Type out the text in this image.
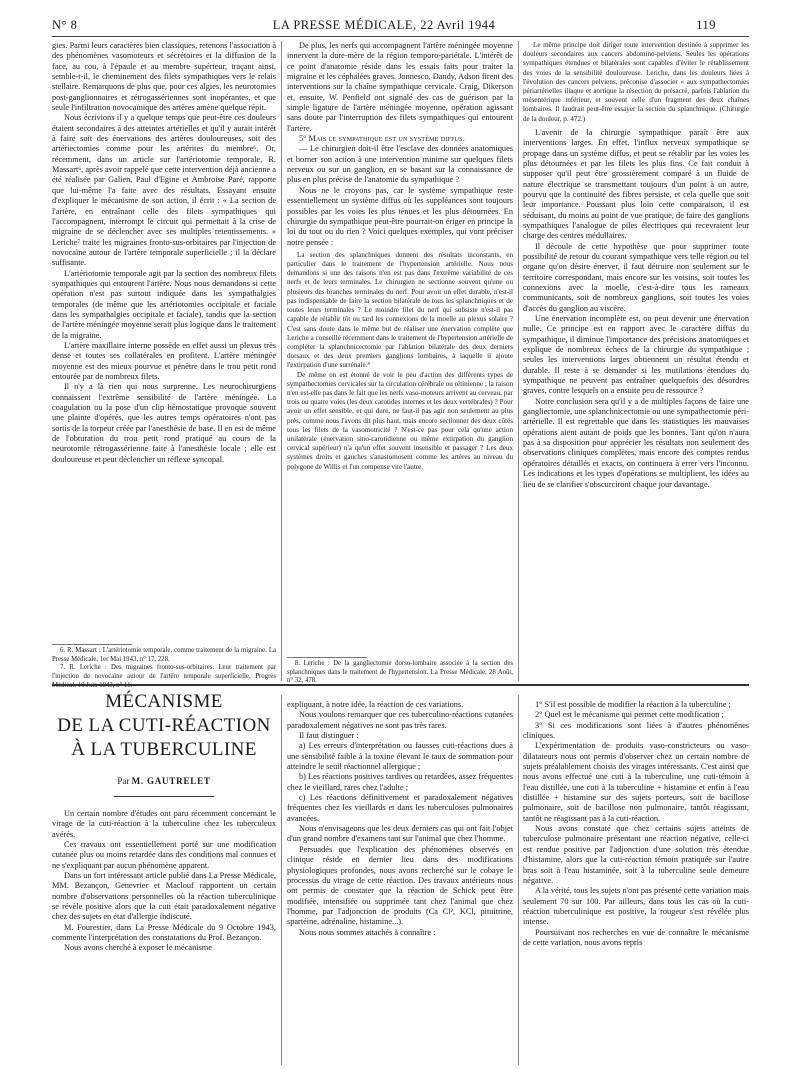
N° 8	LA PRESSE MÉDICALE, 22 Avril 1944	119

gies. Parmi leurs caractères bien classiques, retenons l'association à des phénomènes vasomoteurs et sécrétoires et la diffusion de la face, au cou, à l'épaule et au membre supérieur, traçant ainsi, semble-t-il, le cheminement des filets sympathiques vers le relais stellaire. Remarquons de plus que, pour ces algies, les neurotomies post-ganglionnaires et rétrogassériennes sont inopérantes, et que seule l'infiltration novocaïnique des artères amène quelque répit.

Nous écrivions il y a quelque temps que peut-être ces douleurs étaient secondaires à des atteintes artérielles et qu'il y aurait intérêt à faire soit des énervations des artères douloureuses, soit des artériectomies comme pour les artérites du membre⁶. Or, récemment, dans un article sur l'artériotomie temporale, R. Massart⁶, après avoir rappelé que cette intervention déjà ancienne a été réalisée par Galien, Paul d'Egine et Ambroise Paré, rapporte que lui-même l'a faite avec des résultats. Essayant ensuite d'expliquer le mécanisme de son action, il écrit : « La section de l'artère, en entraînant celle des filets sympathiques qui l'accompagnent, interrompt le circuit qui permettait à la crise de migraine de se déclencher avec ses multiples retentissements. » Leriche⁷ traite les migraines fronto-sus-orbitaires par l'injection de novocaïne autour de l'artère temporale superficielle ; il la déclare suffisante.

L'artériotomie temporale agit par la section des nombreux filets sympathiques qui entourent l'artère. Nous nous demandons si cette opération n'est pas surtout indiquée dans les sympathalgies temporales (de même que les artériotomies occipitale et faciale dans les sympathalgies occipitale et faciale), tandis que la section de l'artère méningée moyenne serait plus logique dans le traitement de la migraine.

L'artère maxillaire interne possède en effet aussi un plexus très dense et toutes ses collatérales en profitent. L'artère méningée moyenne est des mieux pourvue et pénètre dans le trou petit rond entourée par de nombreux filets.

Il n'y a là rien qui nous surprenne. Les neurochirurgiens connaissent l'extrême sensibilité de l'artère méningée. La coagulation ou la pose d'un clip hémostatique provoque souvent une plainte d'opérés, que les autres temps opératoires n'ont pas sortis de la torpeur créée par l'anesthésie de base. Il en est de même de l'obturation du trou petit rond pratiqué au cours de la neurotomie rétrogassérienne faite à l'anesthésie locale ; elle est douloureuse et peut déclencher un réflexe syncopal.

6. R. Massart : L'artériotomie temporale, comme traitement de la migraine. La Presse Médicale, 1er Mai 1943, n° 17, 228.

7. R. Leriche : Des migraines fronto-sus-orbitaires. Leur traitement par l'injection de novocaïne autour de l'artère temporale superficielle. Progrès Médical, 10 Juin 1943, n° 11.

De plus, les nerfs qui accompagnent l'artère méningée moyenne innervent la dure-mère de la région temporo-pariétale. L'intérêt de ce point d'anatomie réside dans les essais faits pour traiter la migraine et les céphalées graves. Jonnesco, Dandy, Adson firent des interventions sur la chaîne sympathique cervicale. Craig, Dikerson et, ensuite, W. Penfield ont signalé des cas de guérison par la simple ligature de l'artère méningée moyenne, opération agissant sans doute par l'interruption des filets sympathiques qui entourent l'artère.

5° Mais le sympathique est un système diffus.

— Le chirurgien doit-il être l'esclave des données anatomiques et borner son action à une intervention minime sur quelques filets nerveux ou sur un ganglion, en se basant sur la connaissance de plus en plus précise de l'anatomie du sympathique ?

Nous ne le croyons pas, car le système sympathique reste essentiellement un système diffus où les suppléances sont toujours possibles par les voies les plus ténues et les plus détournées. En chirurgie du sympathique peut-être pourrait-on ériger en principe la loi du tout ou du rien ? Voici quelques exemples, qui vont préciser notre pensée :

La section des splanchniques donnent des résultats inconstants, en particulier dans le traitement de l'hypertension artérielle. Nous nous demandons si une des raisons n'en est pas dans l'extrême variabilité de ces nerfs et de leurs terminales. Le chirurgien ne sectionne souvent qu'une ou plusieurs des branches terminales du nerf. Pour avoir un effet durable, n'est-il pas indispensable de faire la section bilatérale de tous les splanchniques et de toutes leurs terminales ? Le moindre filet du nerf qui subsiste n'est-il pas capable de rétablir tôt ou tard les connexions de la moelle au plexus solaire ? C'est sans doute dans le même but de réaliser une énervation complète que Leriche a conseillé récemment dans le traitement de l'hypertension artérielle de compléter la splanchnicectomie par l'ablation bilatérale des deux derniers dorsaux et des deux premiers ganglions lombaires, à laquelle il ajoute l'extirpation d'une surrénale.⁸

De même on est étonné de voir le peu d'action des différents types de sympathectomies cervicales sur la circulation cérébrale ou rétinienne ; la raison n'en est-elle pas dans le fait que les nerfs vaso-moteurs arrivent au cerveau, par trois ou quatre voies (les deux carotides internes et les deux vertébrales) ? Pour avoir un effet sensible, et qui dure, ne faut-il pas agir non seulement au plus près, comme nous l'avons dit plus haut, mais encore sectionner des deux côtés tous les filets de la vasomotricité ? N'est-ce pas pour cela qu'une action unilatérale (énervation sino-carotidienne ou même extirpation du ganglion cervical supérieur) n'a qu'un effet souvent insensible et passager ? Les deux systèmes droits et gauches s'anastomosent comme les artères au niveau du polygone de Willis et l'un compense vite l'autre.

8. Leriche : De la gangliectomie dorso-lombaire associée à la section des splanchniques dans le traitement de l'hypertension. La Presse Médicale, 28 Août, n° 32, 478.

Le même principe doit diriger toute intervention destinée à supprimer les douleurs secondaires aux cancers abdomino-pelviens. Seules les opérations sympathiques étendues et bilatérales sont capables d'éviter le rétablissement des voies de la sensibilité douloureuse. Leriche, dans les douleurs liées à l'évolution des cancers pelviens, préconise d'associer « aux sympathectomies périartérielles iliaque et aortique la résection du présacré, parfois l'ablation du mésentérique inférieur, et souvent celle d'un fragment des deux chaînes lombaires. Il faudrait peut-être essayer la section du splanchnique. (Chirurgie de la douleur, p. 472.)

L'avenir de la chirurgie sympathique paraît être aux interventions larges. En effet, l'influx nerveux sympathique se propage dans un système diffus, et peut se rétablir par les voies les plus détournées et par les filets les plus fins. Ce fait conduit à supposer qu'il peut être grossièrement comparé à un fluide de nature électrique se transmettant toujours d'un point à un autre, pourvu que la continuité des fibres persiste, et cela quelle que soit leur importance. Poussant plus loin cette comparaison, il est séduisant, du moins au point de vue pratique, de faire des ganglions sympathiques l'analogue de piles électriques qui recevraient leur charge des centres médullaires.

Il découle de cette hypothèse que pour supprimer toute possibilité de retour du courant sympathique vers telle région ou tel organe qu'on désire énerver, il faut détruire non seulement sur le territoire correspondant, mais encore sur les voisins, soit toutes les connexions avec la moelle, c'est-à-dire tous les rameaux communicants, soit de nombreux ganglions, soit toutes les voies d'accès du ganglion au viscère.

Une énervation incomplète est, ou peut devenir une énervation nulle. Ce principe est en rapport avec le caractère diffus du sympathique, il diminue l'importance des précisions anatomiques et explique de nombreux échecs de la chirurgie du sympathique ; seules les interventions larges obtiennent un résultat étendu et durable. Il reste à se demander si les mutilations étendues du sympathique ne peuvent pas entraîner quelquefois des désordres graves, contre lesquels on a ensuite peu de ressource ?

Notre conclusion sera qu'il y a de multiples façons de faire une gangliectomie, une splanchnicectomie ou une sympathectomie péri-artérielle. Il est regrettable que dans les statistiques les mauvaises opérations aient autant de poids que les bonnes. Tant qu'on n'aura pas à sa disposition pour apprécier les résultats non seulement des observations cliniques complètes, mais encore des comptes rendus opératoires détaillés et exacts, on continuera à errer vers l'inconnu. Les indications et les types d'opérations se multiplient, les idées au lieu de se clarifier s'obscurciront chaque jour davantage.

MÉCANISME
DE LA CUTI-RÉACTION
À LA TUBERCULINE
Par M. GAUTRELET

Un certain nombre d'études ont paru récemment concernant le virage de la cuti-réaction à la tuberculine chez les tuberculeux avérés.

Ces travaux ont essentiellement porté sur une modification cutanée plus ou moins retardée dans des conditions mal connues et ne s'expliquant par aucun phénomène apparent.

Dans un fort intéressant article publié dans La Presse Médicale, MM. Bezançon, Genevrier et Maclouf rapportent un certain nombre d'observations personnelles où la réaction tuberculinique se révèle positive alors que la cuti était paradoxalement négative chez des sujets en état d'allergie indiscuté.

M. Fourestier, dans La Presse Médicale du 9 Octobre 1943, commente l'interprétation des constatations du Prof. Bezançon.

Nous avons cherché à exposer le mécanisme

expliquant, à notre idée, la réaction de ces variations.

Nous voulons remarquer que ces tuberculino-réactions cutanées paradoxalement négatives ne sont pas très rares.

Il faut distinguer :

a) Les erreurs d'interprétation ou fausses cuti-réactions dues à une sensibilité faible à la toxine élevant le taux de sommation pour atteindre le seuil réactionnel allergique ;

b) Les réactions positives tardives ou retardées, assez fréquentes chez le vieillard, rares chez l'adulte ;

c) Les réactions définitivement et paradoxalement négatives fréquentes chez les vieillards et dans les tuberculoses pulmonaires avancées.

Nous n'envisageons que les deux derniers cas qui ont fait l'objet d'un grand nombre d'examens tant sur l'animal que chez l'homme.

Persuadés que l'explication des phénomènes observés en clinique réside en dernier lieu dans des modifications physiologiques profondes, nous avons recherché sur le cobaye le processus du virage de cette réaction. Des travaux antérieurs nous ont permis de constater que la réaction de Schick peut être modifiée, intensifiée ou supprimée tant chez l'animal que chez l'homme, par l'adjonction de produits (Ca Cl², KCl, pituitrine, spartéine, adrénaline, histamine...).

Nous nous sommes attachés à connaître :

1° S'il est possible de modifier la réaction à la tuberculine ;

2° Quel est le mécanisme qui permet cette modification ;

3° Si ces modifications sont liées à d'autres phénomènes cliniques.

L'expérimentation de produits vaso-constricteurs ou vaso-dilatateurs nous ont permis d'observer chez un certain nombre de sujets préalablement choisis des virages intéressants. C'est ainsi que nous avons effectué une cuti à la tuberculine, une cuti-témoin à l'eau distillée, une cuti à la tuberculine + histamine et enfin à l'eau distillée + histamine sur des sujets porteurs, soit de bacillose pulmonaire, soit de bacillose non pulmonaire, tantôt réagissant, tantôt ne réagissant pas à la cuti-réaction.

Nous avons constaté que chez certains sujets atteints de tuberculose pulmonaire présentant une réaction négative, celle-ci est rendue positive par l'adjonction d'une solution très étendue d'histamine, alors que la cuti-réaction témoin pratiquée sur l'autre bras soit à l'eau histaminée, soit à la tuberculine seule demeure négative.

A la vérité, tous les sujets n'ont pas présenté cette variation mais seulement 70 sur 100. Par ailleurs, dans tous les cas où la cuti-réaction tuberculinique est positive, la rougeur s'est révélée plus intense.

Poursuivant nos recherches en vue de connaître le mécanisme de cette variation, nous avons repris
